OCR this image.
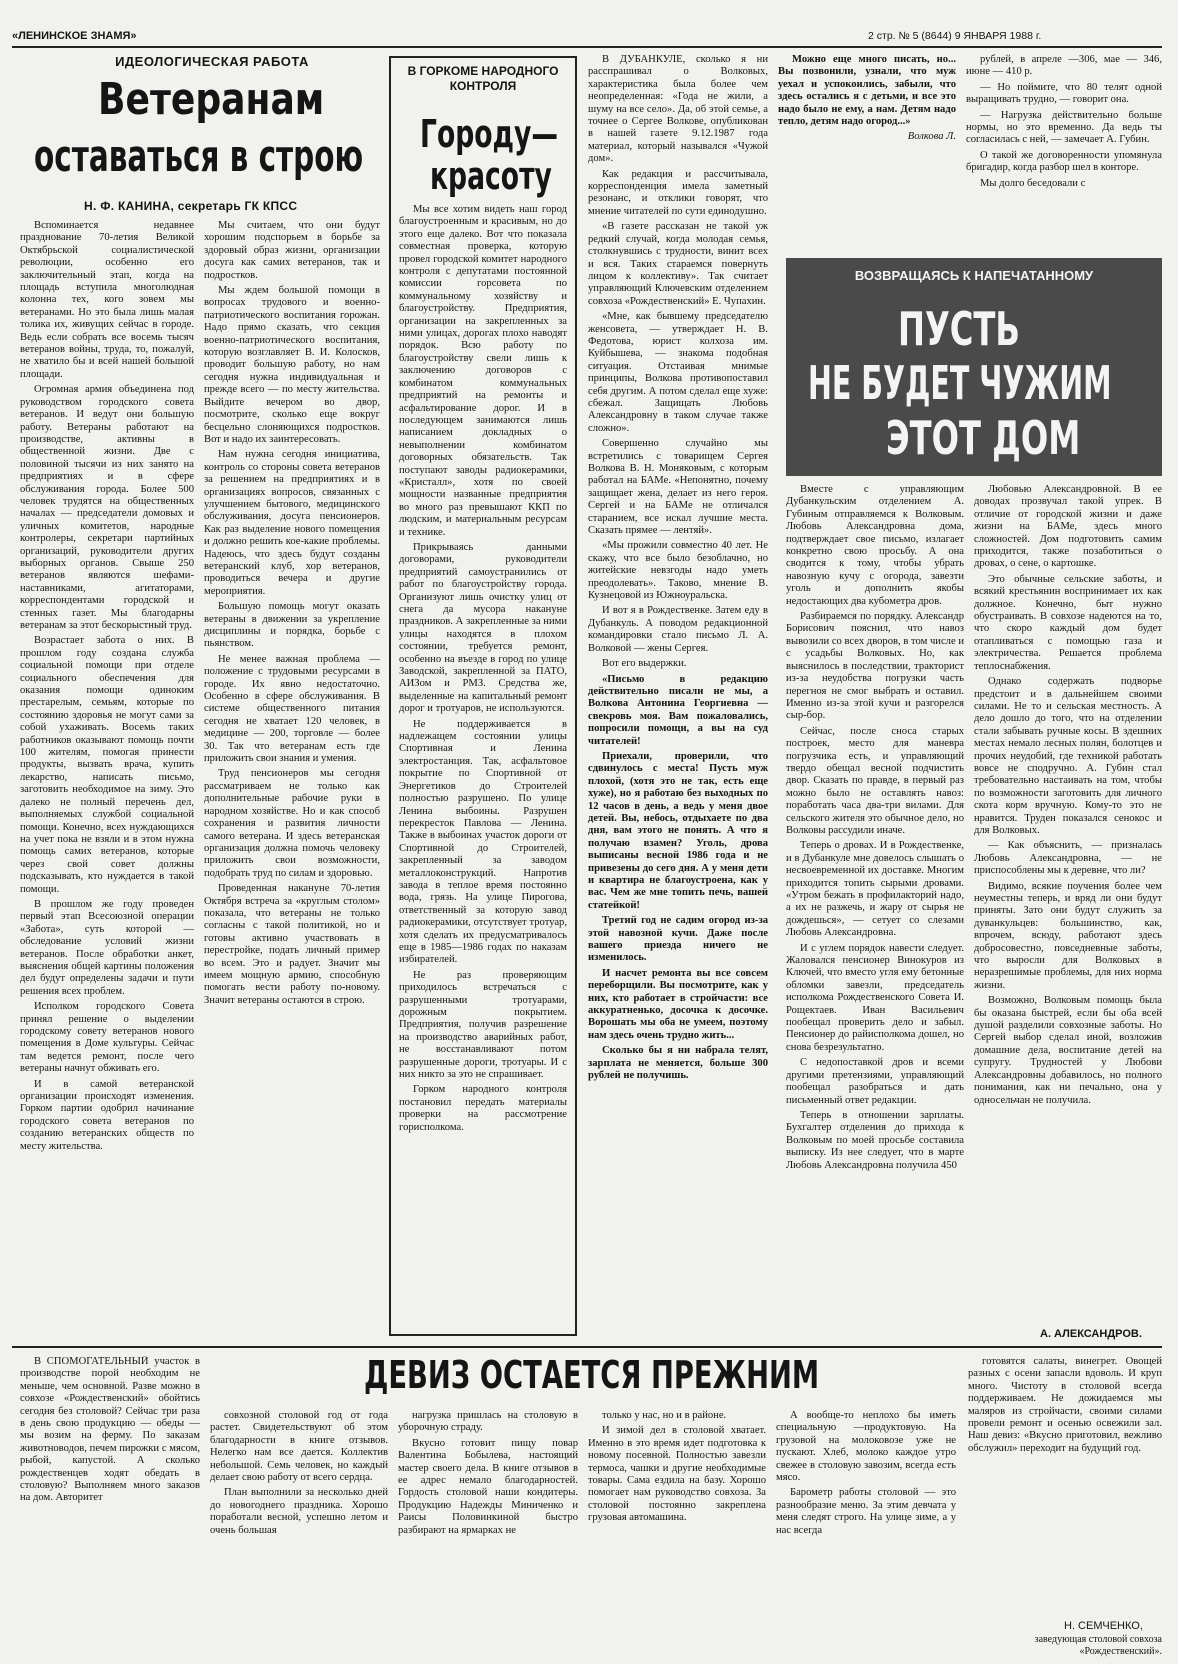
«ЛЕНИНСКОЕ ЗНАМЯ»	2 стр. № 5 (8644) 9 ЯНВАРЯ 1988 г.
ИДЕОЛОГИЧЕСКАЯ РАБОТА
Ветеранам
оставаться в строю
Н. Ф. КАНИНА, секретарь ГК КПСС

Вспоминается недавнее празднование 70-летия Великой Октябрьской социалистической революции, особенно его заключительный этап, когда на площадь вступила многолюдная колонна тех, кого зовем мы ветеранами. Но это была лишь малая толика их, живущих сейчас в городе. Ведь если собрать все восемь тысяч ветеранов войны, труда, то, пожалуй, не хватило бы и всей нашей большой площади.

Огромная армия объединена под руководством городского совета ветеранов. И ведут они большую работу. Ветераны работают на производстве, активны в общественной жизни. Две с половиной тысячи из них занято на предприятиях и в сфере обслуживания города. Более 500 человек трудятся на общественных началах — председатели домовых и уличных комитетов, народные контролеры, секретари партийных организаций, руководители других выборных органов. Свыше 250 ветеранов являются шефами-наставниками, агитаторами, корреспондентами городской и стенных газет. Мы благодарны ветеранам за этот бескорыстный труд.

Возрастает забота о них. В прошлом году создана служба социальной помощи при отделе социального обеспечения для оказания помощи одиноким престарелым, семьям, которые по состоянию здоровья не могут сами за собой ухаживать. Восемь таких работников оказывают помощь почти 100 жителям, помогая принести продукты, вызвать врача, купить лекарство, написать письмо, заготовить необходимое на зиму. Это далеко не полный перечень дел, выполняемых службой социальной помощи. Конечно, всех нуждающихся на учет пока не взяли и в этом нужна помощь самих ветеранов, которые через свой совет должны подсказывать, кто нуждается в такой помощи.

В прошлом же году проведен первый этап Всесоюзной операции «Забота», суть которой — обследование условий жизни ветеранов. После обработки анкет, выяснения общей картины положения дел будут определены задачи и пути решения всех проблем.

Исполком городского Совета принял решение о выделении городскому совету ветеранов нового помещения в Доме культуры. Сейчас там ведется ремонт, после чего ветераны начнут обживать его.

И в самой ветеранской организации происходят изменения. Горком партии одобрил начинание городского совета ветеранов по созданию ветеранских обществ по месту жительства.

Мы считаем, что они будут хорошим подспорьем в борьбе за здоровый образ жизни, организации досуга как самих ветеранов, так и подростков.

Мы ждем большой помощи в вопросах трудового и военно-патриотического воспитания горожан. Надо прямо сказать, что секция военно-патриотического воспитания, которую возглавляет В. И. Колосков, проводит большую работу, но нам сегодня нужна индивидуальная и прежде всего — по месту жительства. Выйдите вечером во двор, посмотрите, сколько еще вокруг бесцельно слоняющихся подростков. Вот и надо их заинтересовать.

Нам нужна сегодня инициатива, контроль со стороны совета ветеранов за решением на предприятиях и в организациях вопросов, связанных с улучшением бытового, медицинского обслуживания, досуга пенсионеров. Как раз выделение нового помещения и должно решить кое-какие проблемы. Надеюсь, что здесь будут созданы ветеранский клуб, хор ветеранов, проводиться вечера и другие мероприятия.

Большую помощь могут оказать ветераны в движении за укрепление дисциплины и порядка, борьбе с пьянством.

Не менее важная проблема — положение с трудовыми ресурсами в городе. Их явно недостаточно. Особенно в сфере обслуживания. В системе общественного питания сегодня не хватает 120 человек, в медицине — 200, торговле — более 30. Так что ветеранам есть где приложить свои знания и умения.

Труд пенсионеров мы сегодня рассматриваем не только как дополнительные рабочие руки в народном хозяйстве. Но и как способ сохранения и развития личности самого ветерана. И здесь ветеранская организация должна помочь человеку приложить свои возможности, подобрать труд по силам и здоровью.

Проведенная накануне 70-летия Октября встреча за «круглым столом» показала, что ветераны не только согласны с такой политикой, но и готовы активно участвовать в перестройке, подать личный пример во всем. Это и радует. Значит мы имеем мощную армию, способную помогать вести работу по-новому. Значит ветераны остаются в строю.

В ГОРКОМЕ НАРОДНОГО КОНТРОЛЯ
Городу—
красоту

Мы все хотим видеть наш город благоустроенным и красивым, но до этого еще далеко. Вот что показала совместная проверка, которую провел городской комитет народного контроля с депутатами постоянной комиссии горсовета по коммунальному хозяйству и благоустройству. Предприятия, организации на закрепленных за ними улицах, дорогах плохо наводят порядок. Всю работу по благоустройству свели лишь к заключению договоров с комбинатом коммунальных предприятий на ремонты и асфальтирование дорог. И в последующем занимаются лишь написанием докладных о невыполнении комбинатом договорных обязательств. Так поступают заводы радиокерамики, «Кристалл», хотя по своей мощности названные предприятия во много раз превышают ККП по людским, и материальным ресурсам и технике.

Прикрываясь данными договорами, руководители предприятий самоустранились от работ по благоустройству города. Организуют лишь очистку улиц от снега да мусора накануне праздников. А закрепленные за ними улицы находятся в плохом состоянии, требуется ремонт, особенно на въезде в город по улице Заводской, закрепленной за ПАТО, АИЗом и РМЗ. Средства же, выделенные на капитальный ремонт дорог и тротуаров, не используются.

Не поддерживается в надлежащем состоянии улицы Спортивная и Ленина электростанция. Так, асфальтовое покрытие по Спортивной от Энергетиков до Строителей полностью разрушено. По улице Ленина выбоины. Разрушен перекресток Павлова — Ленина. Также в выбоинах участок дороги от Спортивной до Строителей, закрепленный за заводом металлоконструкций. Напротив завода в теплое время постоянно вода, грязь. На улице Пирогова, ответственный за которую завод радиокерамики, отсутствует тротуар, хотя сделать их предусматривалось еще в 1985—1986 годах по наказам избирателей.

Не раз проверяющим приходилось встречаться с разрушенными тротуарами, дорожным покрытием. Предприятия, получив разрешение на производство аварийных работ, не восстанавливают потом разрушенные дороги, тротуары. И с них никто за это не спрашивает.

Горком народного контроля постановил передать материалы проверки на рассмотрение горисполкома.

В ДУБАНКУЛЕ, сколько я ни расспрашивал о Волковых, характеристика была более чем неопределенная: «Года не жили, а шуму на все село». Да, об этой семье, а точнее о Сергее Волкове, опубликован в нашей газете 9.12.1987 года материал, который назывался «Чужой дом».

Как редакция и рассчитывала, корреспонденция имела заметный резонанс, и отклики говорят, что мнение читателей по сути единодушно.

«В газете рассказан не такой уж редкий случай, когда молодая семья, столкнувшись с трудности, винит всех и вся. Таких стараемся повернуть лицом к коллективу». Так считает управляющий Ключевским отделением совхоза «Рождественский» Е. Чупахин.

«Мне, как бывшему председателю женсовета, — утверждает Н. В. Федотова, юрист колхоза им. Куйбышева, — знакома подобная ситуация. Отстаивая мнимые принципы, Волкова противопоставил себя другим. А потом сделал еще хуже: сбежал. Защищать Любовь Александровну в таком случае также сложно».

Совершенно случайно мы встретились с товарищем Сергея Волкова В. Н. Моняковым, с которым работал на БАМе. «Непонятно, почему защищает жена, делает из него героя. Сергей и на БАМе не отличался старанием, все искал лучшие места. Сказать прямее — лентяй».

«Мы прожили совместно 40 лет. Не скажу, что все было безоблачно, но житейские невзгоды надо уметь преодолевать». Таково, мнение В. Кузнецовой из Южноуральска.

И вот я в Рождественке. Затем еду в Дубанкуль. А поводом редакционной командировки стало письмо Л. А. Волковой — жены Сергея.

Вот его выдержки.

«Письмо в редакцию действительно писали не мы, а Волкова Антонина Георгиевна — свекровь моя. Вам пожаловались, попросили помощи, а вы на суд читателей!

Приехали, проверили, что сдвинулось с места! Пусть муж плохой, (хотя это не так, есть еще хуже), но я работаю без выходных по 12 часов в день, а ведь у меня двое детей. Вы, небось, отдыхаете по два дня, вам этого не понять. А что я получаю взамен? Уголь, дрова выписаны весной 1986 года и не привезены до сего дня. А у меня дети и квартира не благоустроена, как у вас. Чем же мне топить печь, вашей статейкой!

Третий год не садим огород из-за этой навозной кучи. Даже после вашего приезда ничего не изменилось.

И насчет ремонта вы все совсем переборщили. Вы посмотрите, как у них, кто работает в стройчасти: все аккуратненько, досочка к досочке. Ворошать мы оба не умеем, поэтому нам здесь очень трудно жить...

Сколько бы я ни набрала телят, зарплата не меняется, больше 300 рублей не получишь.

Можно еще много писать, но... Вы позвонили, узнали, что муж уехал и успокоились, забыли, что здесь остались я с детьми, и все это надо было не ему, а нам. Детям надо тепло, детям надо огород...»

Волкова Л.

рублей, в апреле —306, мае — 346, июне — 410 р.

— Но поймите, что 80 телят одной выращивать трудно, — говорит она.

— Нагрузка действительно больше нормы, но это временно. Да ведь ты согласилась с ней, — замечает А. Губин.

О такой же договоренности упомянула бригадир, когда разбор шел в конторе.

Мы долго беседовали с

ВОЗВРАЩАЯСЬ К НАПЕЧАТАННОМУ
ПУСТЬ
НЕ БУДЕТ ЧУЖИМ
ЭТОТ ДОМ

Вместе с управляющим Дубанкульским отделением А. Губиным отправляемся к Волковым. Любовь Александровна дома, подтверждает свое письмо, излагает конкретно свою просьбу. А она сводится к тому, чтобы убрать навозную кучу с огорода, завезти уголь и дополнить якобы недостающих два кубометра дров.

Разбираемся по порядку. Александр Борисович пояснил, что навоз вывозили со всех дворов, в том числе и с усадьбы Волковых. Но, как выяснилось в последствии, тракторист из-за неудобства погрузки часть перегноя не смог выбрать и оставил. Именно из-за этой кучи и разгорелся сыр-бор.

Сейчас, после сноса старых построек, место для маневра погрузчика есть, и управляющий твердо обещал весной подчистить двор. Сказать по правде, в первый раз можно было не оставлять навоз: поработать часа два-три вилами. Для сельского жителя это обычное дело, но Волковы рассудили иначе.

Теперь о дровах. И в Рождественке, и в Дубанкуле мне довелось слышать о несвоевременной их доставке. Многим приходится топить сырыми дровами. «Утром бежать в профилакторий надо, а их не разжечь, и жару от сырья не дождешься», — сетует со слезами Любовь Александровна.

И с углем порядок навести следует. Жаловался пенсионер Винокуров из Ключей, что вместо угля ему бетонные обломки завезли, председатель исполкома Рождественского Совета И. Рощектаев. Иван Васильевич пообещал проверить дело и забыл. Пенсионер до райисполкома дошел, но снова безрезультатно.

С недопоставкой дров и всеми другими претензиями, управляющий пообещал разобраться и дать письменный ответ редакции.

Теперь в отношении зарплаты. Бухгалтер отделения до прихода к Волковым по моей просьбе составила выписку. Из нее следует, что в марте Любовь Александровна получила 450

Любовью Александровной. В ее доводах прозвучал такой упрек. В отличие от городской жизни и даже жизни на БАМе, здесь много сложностей. Дом подготовить самим приходится, также позаботиться о дровах, о сене, о картошке.

Это обычные сельские заботы, и всякий крестьянин воспринимает их как должное. Конечно, быт нужно обустраивать. В совхозе надеются на то, что скоро каждый дом будет отапливаться с помощью газа и электричества. Решается проблема теплоснабжения.

Однако содержать подворье предстоит и в дальнейшем своими силами. Не то и сельская местность. А дело дошло до того, что на отделении стали забывать ручные косы. В здешних местах немало лесных полян, болотцев и прочих неудобий, где техникой работать вовсе не сподручно. А. Губин стал требовательно настаивать на том, чтобы по возможности заготовить для личного скота корм вручную. Кому-то это не нравится. Труден показался сенокос и для Волковых.

— Как объяснить, — призналась Любовь Александровна, — не приспособлены мы к деревне, что ли?

Видимо, всякие поучения более чем неуместны теперь, и вряд ли они будут приняты. Зато они будут служить за дуванкульцев: большинство, как, впрочем, всюду, работают здесь добросовестно, повседневные заботы, что выросли для Волковых в неразрешимые проблемы, для них норма жизни.

Возможно, Волковым помощь была бы оказана быстрей, если бы оба всей душой разделили совхозные заботы. Но Сергей выбор сделал иной, возложив домашние дела, воспитание детей на супругу. Трудностей у Любови Александровны добавилось, но полного понимания, как ни печально, она у односельчан не получила.

А. АЛЕКСАНДРОВ.
ДЕВИЗ ОСТАЕТСЯ ПРЕЖНИМ

В СПОМОГАТЕЛЬНЫЙ участок в производстве порой необходим не меньше, чем основной. Разве можно в совхозе «Рождественский» обойтись сегодня без столовой? Сейчас три раза в день свою продукцию — обеды — мы возим на ферму. По заказам животноводов, печем пирожки с мясом, рыбой, капустой. А сколько рождественцев ходят обедать в столовую? Выполняем много заказов на дом. Авторитет

совхозной столовой год от года растет. Свидетельствуют об этом благодарности в книге отзывов. Нелегко нам все дается. Коллектив небольшой. Семь человек, но каждый делает свою работу от всего сердца.

План выполнили за несколько дней до новогоднего праздника. Хорошо поработали весной, успешно летом и очень большая

нагрузка пришлась на столовую в уборочную страду.

Вкусно готовит пищу повар Валентина Бобылева, настоящий мастер своего дела. В книге отзывов в ее адрес немало благодарностей. Гордость столовой наши кондитеры. Продукцию Надежды Миниченко и Раисы Половинкиной быстро разбирают на ярмарках не

только у нас, но и в районе.

И зимой дел в столовой хватает. Именно в это время идет подготовка к новому посевной. Полностью завезли термоса, чашки и другие необходимые товары. Сама ездила на базу. Хорошо помогает нам руководство совхоза. За столовой постоянно закреплена грузовая автомашина.

А вообще-то неплохо бы иметь специальную —продуктовую. На грузовой на молоковозе уже не пускают. Хлеб, молоко каждое утро свежее в столовую завозим, всегда есть мясо.

Барометр работы столовой — это разнообразие меню. За этим девчата у меня следят строго. На улице зиме, а у нас всегда

готовятся салаты, винегрет. Овощей разных с осени запасли вдоволь. И круп много. Чистоту в столовой всегда поддерживаем. Не дожидаемся мы маляров из стройчасти, своими силами провели ремонт и осенью освежили зал. Наш девиз: «Вкусно приготовил, вежливо обслужил» переходит на будущий год.

Н. СЕМЧЕНКО,
заведующая столовой совхоза «Рождественский».
